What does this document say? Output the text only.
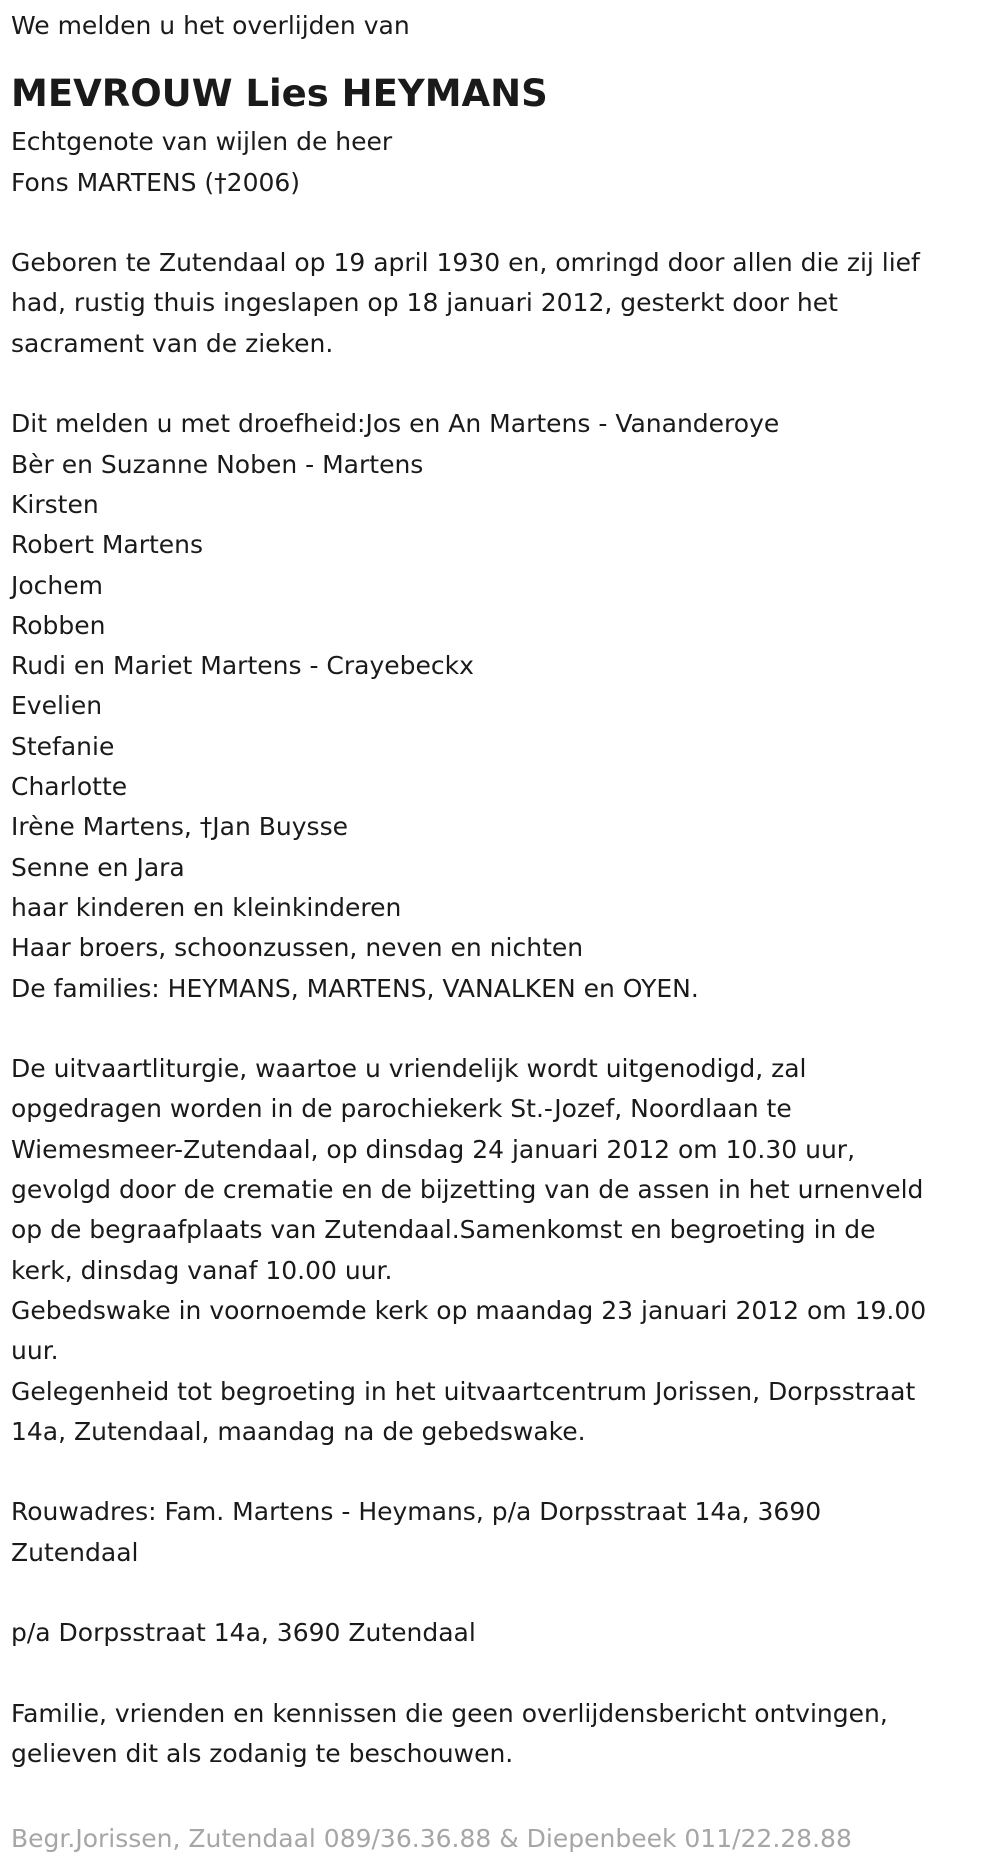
We melden u het overlijden van
MEVROUW Lies HEYMANS
Echtgenote van wijlen de heer
Fons MARTENS (†2006)
Geboren te Zutendaal op 19 april 1930 en, omringd door allen die zij lief
had, rustig thuis ingeslapen op 18 januari 2012, gesterkt door het
sacrament van de zieken.
Dit melden u met droefheid:Jos en An Martens - Vananderoye
Bèr en Suzanne Noben - Martens
Kirsten
Robert Martens
Jochem
Robben
Rudi en Mariet Martens - Crayebeckx
Evelien
Stefanie
Charlotte
Irène Martens, †Jan Buysse
Senne en Jara
haar kinderen en kleinkinderen
Haar broers, schoonzussen, neven en nichten
De families: HEYMANS, MARTENS, VANALKEN en OYEN.
De uitvaartliturgie, waartoe u vriendelijk wordt uitgenodigd, zal
opgedragen worden in de parochiekerk St.-Jozef, Noordlaan te
Wiemesmeer-Zutendaal, op dinsdag 24 januari 2012 om 10.30 uur,
gevolgd door de crematie en de bijzetting van de assen in het urnenveld
op de begraafplaats van Zutendaal.Samenkomst en begroeting in de
kerk, dinsdag vanaf 10.00 uur.
Gebedswake in voornoemde kerk op maandag 23 januari 2012 om 19.00
uur.
Gelegenheid tot begroeting in het uitvaartcentrum Jorissen, Dorpsstraat
14a, Zutendaal, maandag na de gebedswake.
Rouwadres: Fam. Martens - Heymans, p/a Dorpsstraat 14a, 3690
Zutendaal
p/a Dorpsstraat 14a, 3690 Zutendaal
Familie, vrienden en kennissen die geen overlijdensbericht ontvingen,
gelieven dit als zodanig te beschouwen.
Begr.Jorissen, Zutendaal 089/36.36.88 & Diepenbeek 011/22.28.88
